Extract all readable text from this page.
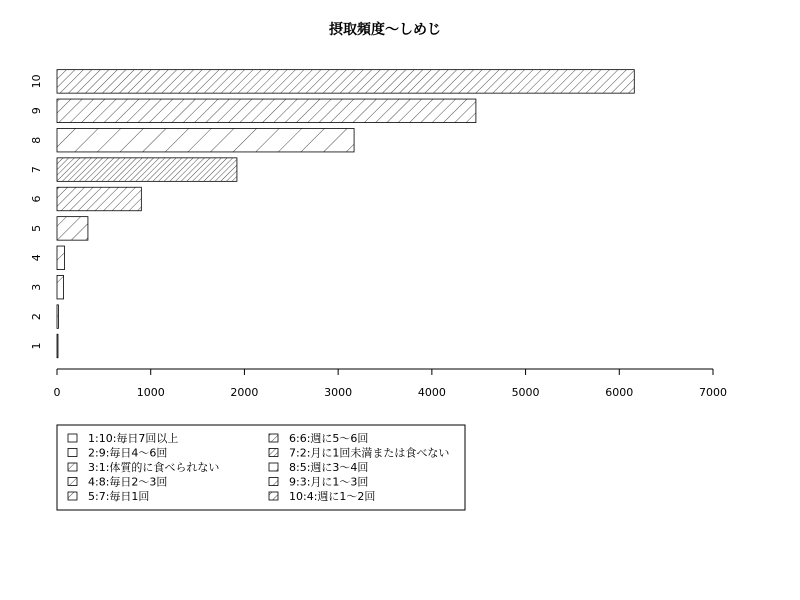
摂取頻度〜しめじ
1
2
3
4
5
6
7
8
9
10
0	1000	2000	3000	4000	5000	6000	7000
1:10:毎日7回以上
2:9:毎日4〜6回
3:1:体質的に食べられない
4:8:毎日2〜3回
5:7:毎日1回
6:6:週に5〜6回
7:2:月に1回未満または食べない
8:5:週に3〜4回
9:3:月に1〜3回
10:4:週に1〜2回
